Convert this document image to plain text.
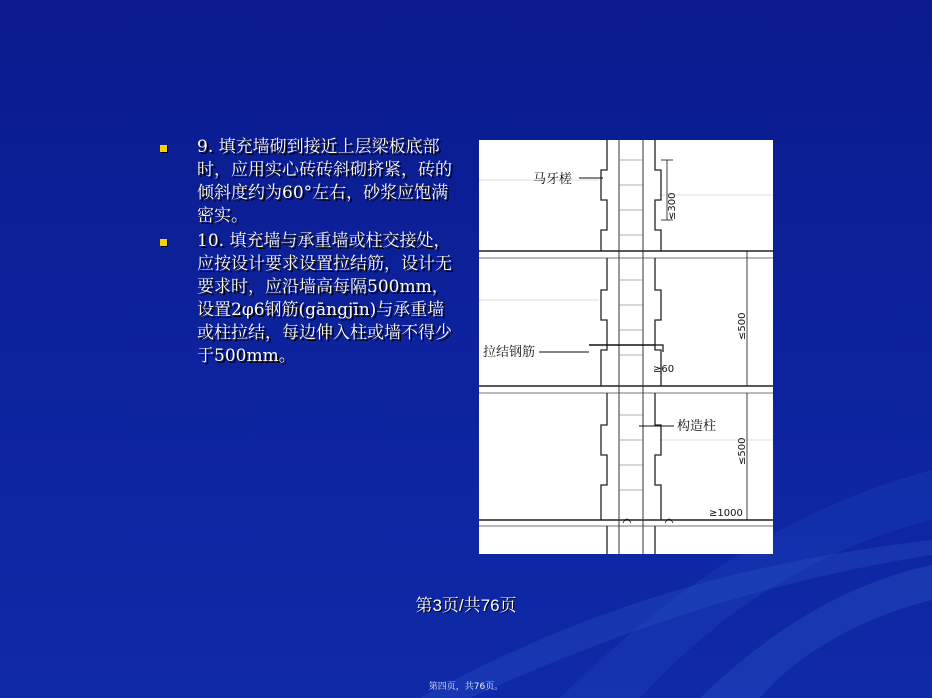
9. 填充墙砌到接近上层梁板底部时，应用实心砖砖斜砌挤紧，砖的倾斜度约为60°左右，砂浆应饱满密实。
10. 填充墙与承重墙或柱交接处，应按设计要求设置拉结筋，设计无要求时，应沿墙高每隔500mm，设置2φ6钢筋(gāngjīn)与承重墙或柱拉结，每边伸入柱或墙不得少于500mm。
马牙槎
拉结钢筋
构造柱
≤300
≤500
≤500
≥60
≥1000
第3页/共76页
第四页，共76页。
